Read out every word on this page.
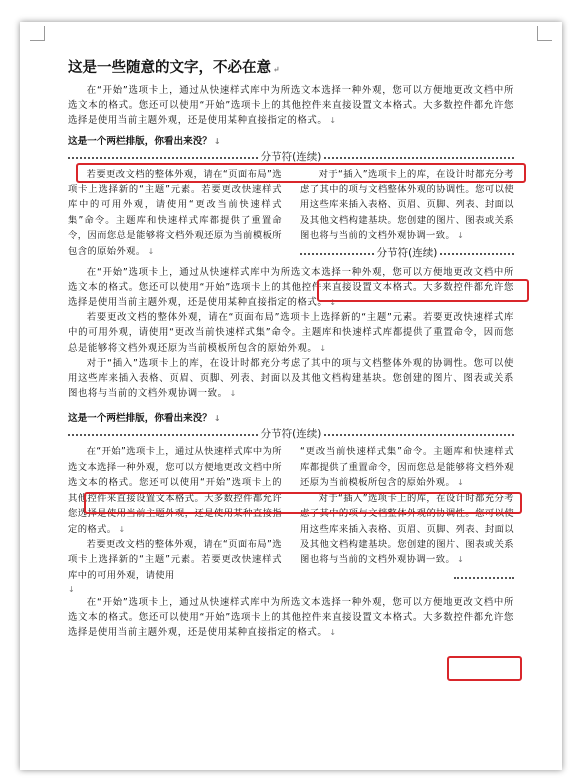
这是一些随意的文字，不必在意 ↵

在“开始”选项卡上，通过从快速样式库中为所选文本选择一种外观，您可以方便地更改文档中所选文本的格式。您还可以使用“开始”选项卡上的其他控件来直接设置文本格式。大多数控件都允许您选择是使用当前主题外观，还是使用某种直接指定的格式。 ↓

这是一个两栏排版，你看出来没？ ↓
分节符(连续)

若要更改文档的整体外观，请在“页面布局”选项卡上选择新的“主题”元素。若要更改快速样式库中的可用外观，请使用“更改当前快速样式集”命令。主题库和快速样式库都提供了重置命令，因而您总是能够将文档外观还原为当前模板所包含的原始外观。 ↓

对于“插入”选项卡上的库，在设计时都充分考虑了其中的项与文档整体外观的协调性。您可以使用这些库来插入表格、页眉、页脚、列表、封面以及其他文档构建基块。您创建的图片、图表或关系图也将与当前的文档外观协调一致。 ↓

分节符(连续)

在“开始”选项卡上，通过从快速样式库中为所选文本选择一种外观，您可以方便地更改文档中所选文本的格式。您还可以使用“开始”选项卡上的其他控件来直接设置文本格式。大多数控件都允许您选择是使用当前主题外观，还是使用某种直接指定的格式。 ↓

若要更改文档的整体外观，请在“页面布局”选项卡上选择新的“主题”元素。若要更改快速样式库中的可用外观，请使用“更改当前快速样式集”命令。主题库和快速样式库都提供了重置命令，因而您总是能够将文档外观还原为当前模板所包含的原始外观。 ↓

对于“插入”选项卡上的库，在设计时都充分考虑了其中的项与文档整体外观的协调性。您可以使用这些库来插入表格、页眉、页脚、列表、封面以及其他文档构建基块。您创建的图片、图表或关系图也将与当前的文档外观协调一致。 ↓

这是一个两栏排版，你看出来没？ ↓
分节符(连续)

在“开始”选项卡上，通过从快速样式库中为所选文本选择一种外观，您可以方便地更改文档中所选文本的格式。您还可以使用“开始”选项卡上的其他控件来直接设置文本格式。大多数控件都允许您选择是使用当前主题外观，还是使用某种直接指定的格式。 ↓

若要更改文档的整体外观，请在“页面布局”选项卡上选择新的“主题”元素。若要更改快速样式库中的可用外观，请使用

“更改当前快速样式集”命令。主题库和快速样式库都提供了重置命令，因而您总是能够将文档外观还原为当前模板所包含的原始外观。 ↓

对于“插入”选项卡上的库，在设计时都充分考虑了其中的项与文档整体外观的协调性。您可以使用这些库来插入表格、页眉、页脚、列表、封面以及其他文档构建基块。您创建的图片、图表或关系图也将与当前的文档外观协调一致。 ↓

↓

在“开始”选项卡上，通过从快速样式库中为所选文本选择一种外观，您可以方便地更改文档中所选文本的格式。您还可以使用“开始”选项卡上的其他控件来直接设置文本格式。大多数控件都允许您选择是使用当前主题外观，还是使用某种直接指定的格式。 ↓
